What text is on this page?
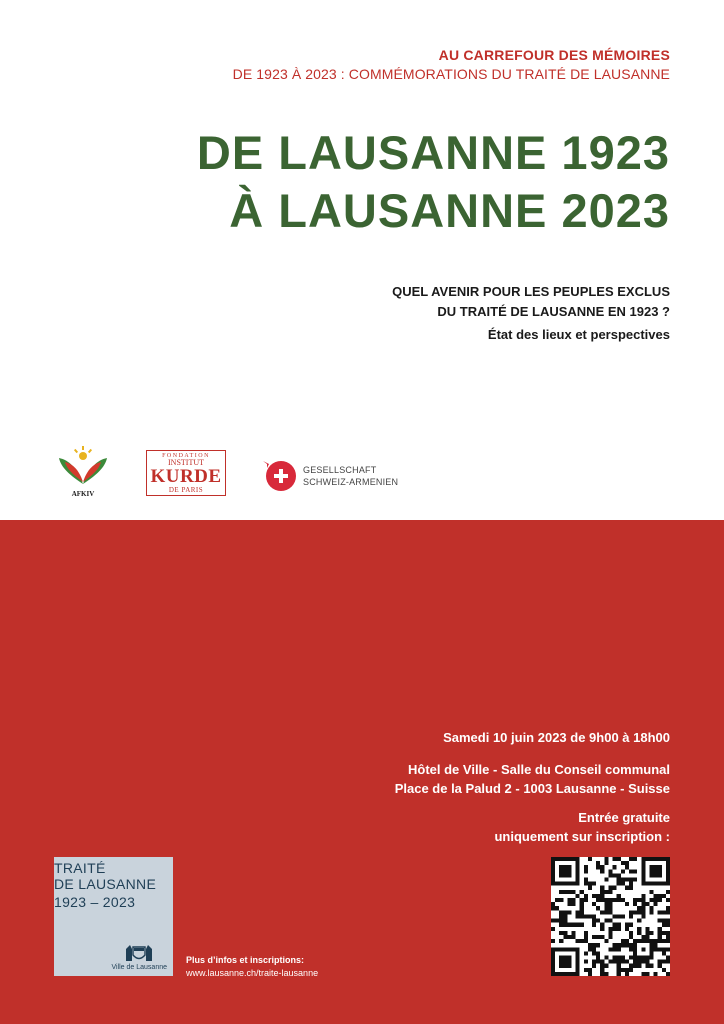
AU CARREFOUR DES MÉMOIRES
DE 1923 À 2023 : COMMÉMORATIONS DU TRAITÉ DE LAUSANNE
DE LAUSANNE 1923
À LAUSANNE 2023
QUEL AVENIR POUR LES PEUPLES EXCLUS
DU TRAITÉ DE LAUSANNE EN 1923 ?
État des lieux et perspectives
AFKIV
FONDATION
INSTITUT
KURDE
DE PARIS
GESELLSCHAFT
SCHWEIZ-ARMENIEN
Samedi 10 juin 2023 de 9h00 à 18h00
Hôtel de Ville - Salle du Conseil communal
Place de la Palud 2 - 1003 Lausanne - Suisse
Entrée gratuite
uniquement sur inscription :
TRAITÉ
DE LAUSANNE
1923 – 2023
Ville de Lausanne
Plus d’infos et inscriptions:
www.lausanne.ch/traite-lausanne
